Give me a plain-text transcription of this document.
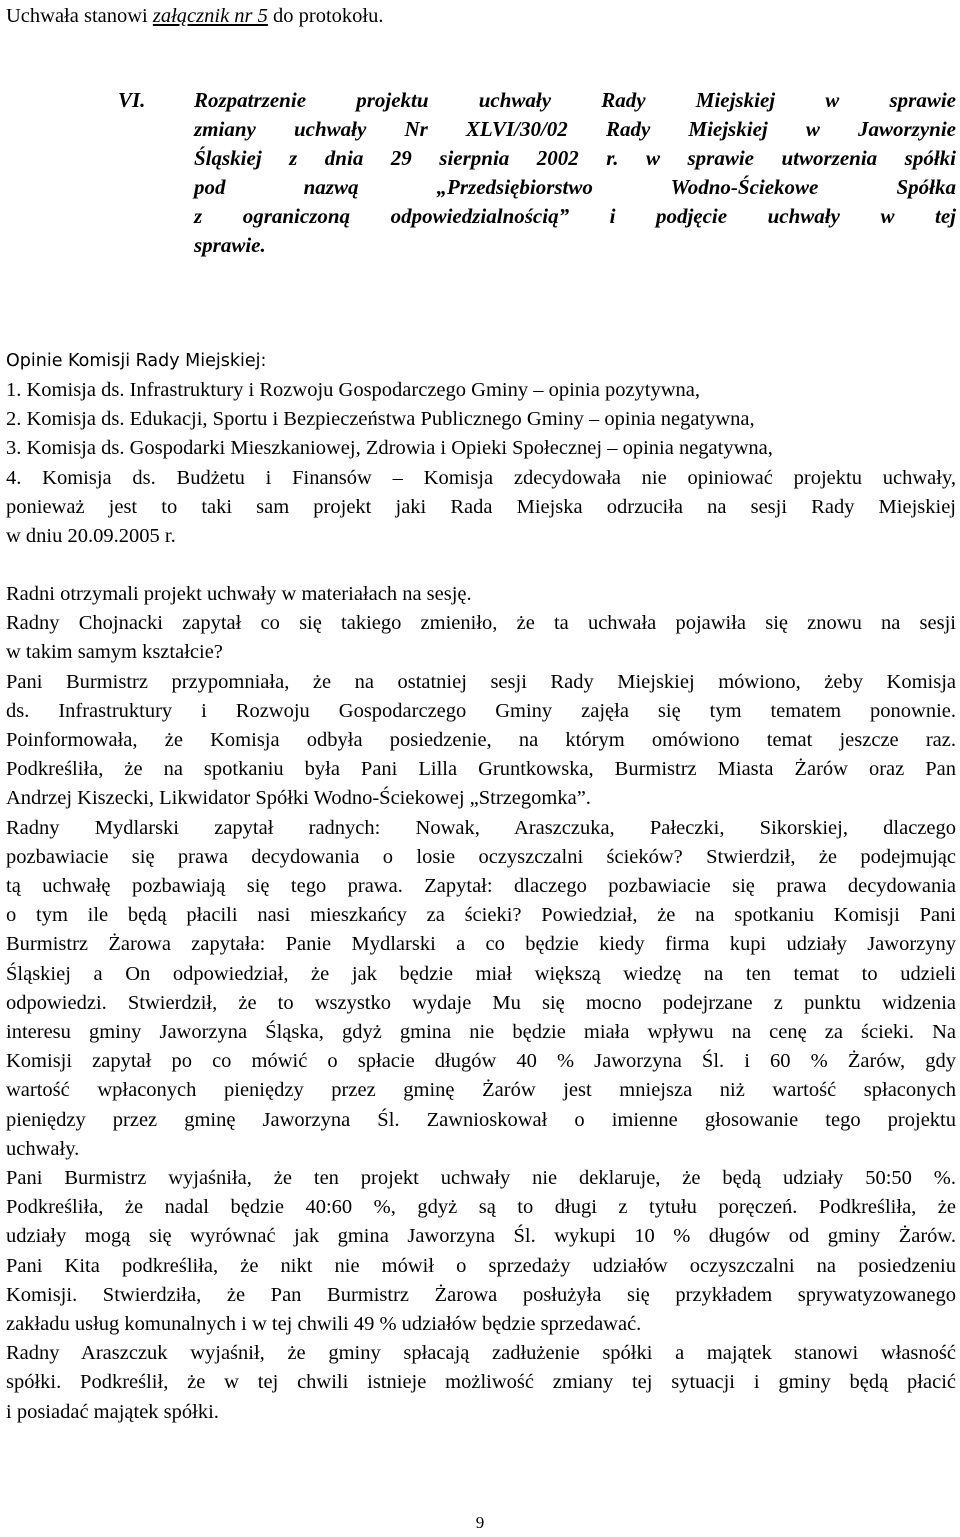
Uchwała stanowi załącznik nr 5 do protokołu.

VI. Rozpatrzenie projektu uchwały Rady Miejskiej w sprawie
zmiany uchwały Nr XLVI/30/02 Rady Miejskiej w Jaworzynie
Śląskiej z dnia 29 sierpnia 2002 r. w sprawie utworzenia spółki
pod nazwą „Przedsiębiorstwo Wodno-Ściekowe Spółka
z ograniczoną odpowiedzialnością” i podjęcie uchwały w tej
sprawie.

Opinie Komisji Rady Miejskiej:

1. Komisja ds. Infrastruktury i Rozwoju Gospodarczego Gminy – opinia pozytywna,
2. Komisja ds. Edukacji, Sportu i Bezpieczeństwa Publicznego Gminy – opinia negatywna,
3. Komisja ds. Gospodarki Mieszkaniowej, Zdrowia i Opieki Społecznej – opinia negatywna,
4. Komisja ds. Budżetu i Finansów – Komisja zdecydowała nie opiniować projektu uchwały,
ponieważ jest to taki sam projekt jaki Rada Miejska odrzuciła na sesji Rady Miejskiej
w dniu 20.09.2005 r.

Radni otrzymali projekt uchwały w materiałach na sesję.
Radny Chojnacki zapytał co się takiego zmieniło, że ta uchwała pojawiła się znowu na sesji
w takim samym kształcie?
Pani Burmistrz przypomniała, że na ostatniej sesji Rady Miejskiej mówiono, żeby Komisja
ds. Infrastruktury i Rozwoju Gospodarczego Gminy zajęła się tym tematem ponownie.
Poinformowała, że Komisja odbyła posiedzenie, na którym omówiono temat jeszcze raz.
Podkreśliła, że na spotkaniu była Pani Lilla Gruntkowska, Burmistrz Miasta Żarów oraz Pan
Andrzej Kiszecki, Likwidator Spółki Wodno-Ściekowej „Strzegomka”.
Radny Mydlarski zapytał radnych: Nowak, Araszczuka, Pałeczki, Sikorskiej, dlaczego
pozbawiacie się prawa decydowania o losie oczyszczalni ścieków? Stwierdził, że podejmując
tą uchwałę pozbawiają się tego prawa. Zapytał: dlaczego pozbawiacie się prawa decydowania
o tym ile będą płacili nasi mieszkańcy za ścieki? Powiedział, że na spotkaniu Komisji Pani
Burmistrz Żarowa zapytała: Panie Mydlarski a co będzie kiedy firma kupi udziały Jaworzyny
Śląskiej a On odpowiedział, że jak będzie miał większą wiedzę na ten temat to udzieli
odpowiedzi. Stwierdził, że to wszystko wydaje Mu się mocno podejrzane z punktu widzenia
interesu gminy Jaworzyna Śląska, gdyż gmina nie będzie miała wpływu na cenę za ścieki. Na
Komisji zapytał po co mówić o spłacie długów 40 % Jaworzyna Śl. i 60 % Żarów, gdy
wartość wpłaconych pieniędzy przez gminę Żarów jest mniejsza niż wartość spłaconych
pieniędzy przez gminę Jaworzyna Śl. Zawnioskował o imienne głosowanie tego projektu
uchwały.
Pani Burmistrz wyjaśniła, że ten projekt uchwały nie deklaruje, że będą udziały 50:50 %.
Podkreśliła, że nadal będzie 40:60 %, gdyż są to długi z tytułu poręczeń. Podkreśliła, że
udziały mogą się wyrównać jak gmina Jaworzyna Śl. wykupi 10 % długów od gminy Żarów.
Pani Kita podkreśliła, że nikt nie mówił o sprzedaży udziałów oczyszczalni na posiedzeniu
Komisji. Stwierdziła, że Pan Burmistrz Żarowa posłużyła się przykładem sprywatyzowanego
zakładu usług komunalnych i w tej chwili 49 % udziałów będzie sprzedawać.
Radny Araszczuk wyjaśnił, że gminy spłacają zadłużenie spółki a majątek stanowi własność
spółki. Podkreślił, że w tej chwili istnieje możliwość zmiany tej sytuacji i gminy będą płacić
i posiadać majątek spółki.

9
